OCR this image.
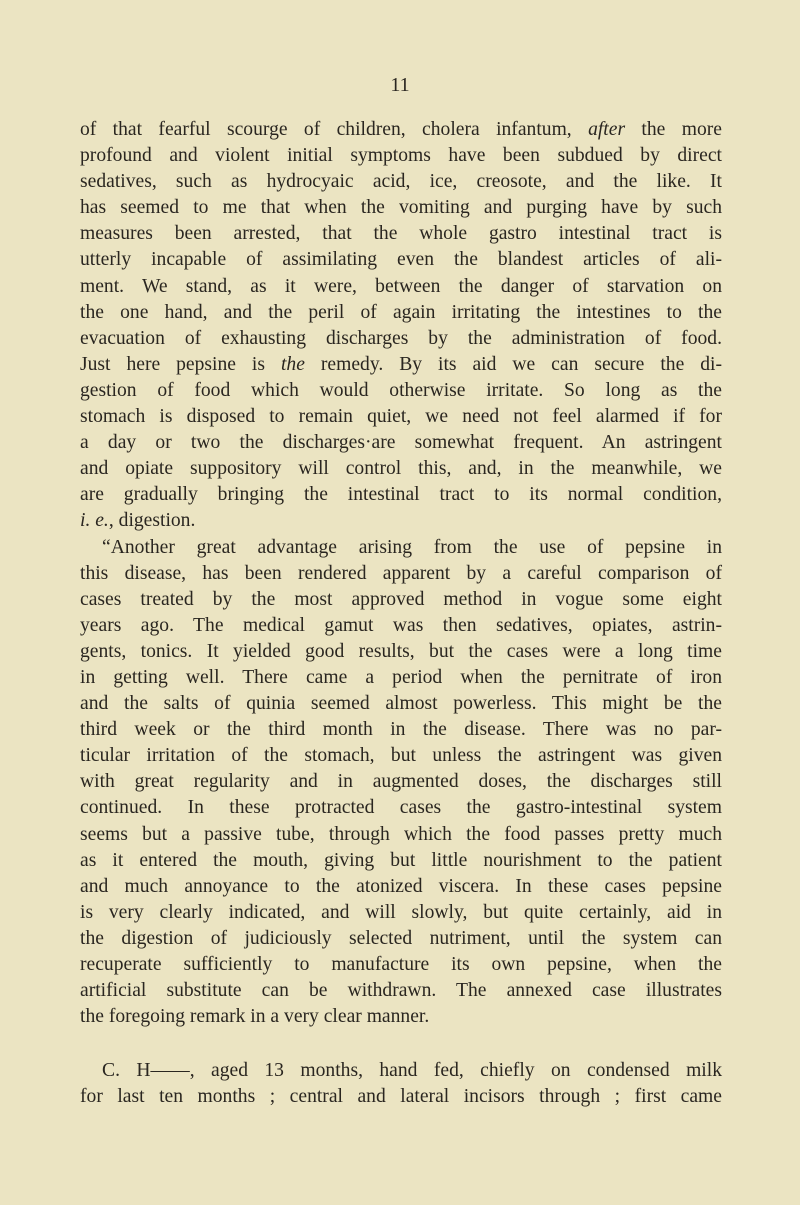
11
of that fearful scourge of children, cholera infantum, after the more
profound and violent initial symptoms have been subdued by direct
sedatives, such as hydrocyaic acid, ice, creosote, and the like. It
has seemed to me that when the vomiting and purging have by such
measures been arrested, that the whole gastro intestinal tract is
utterly incapable of assimilating even the blandest articles of ali-
ment. We stand, as it were, between the danger of starvation on
the one hand, and the peril of again irritating the intestines to the
evacuation of exhausting discharges by the administration of food.
Just here pepsine is the remedy. By its aid we can secure the di-
gestion of food which would otherwise irritate. So long as the
stomach is disposed to remain quiet, we need not feel alarmed if for
a day or two the discharges·are somewhat frequent. An astringent
and opiate suppository will control this, and, in the meanwhile, we
are gradually bringing the intestinal tract to its normal condition,
i. e., digestion.
“Another great advantage arising from the use of pepsine in
this disease, has been rendered apparent by a careful comparison of
cases treated by the most approved method in vogue some eight
years ago. The medical gamut was then sedatives, opiates, astrin-
gents, tonics. It yielded good results, but the cases were a long time
in getting well. There came a period when the pernitrate of iron
and the salts of quinia seemed almost powerless. This might be the
third week or the third month in the disease. There was no par-
ticular irritation of the stomach, but unless the astringent was given
with great regularity and in augmented doses, the discharges still
continued. In these protracted cases the gastro-intestinal system
seems but a passive tube, through which the food passes pretty much
as it entered the mouth, giving but little nourishment to the patient
and much annoyance to the atonized viscera. In these cases pepsine
is very clearly indicated, and will slowly, but quite certainly, aid in
the digestion of judiciously selected nutriment, until the system can
recuperate sufficiently to manufacture its own pepsine, when the
artificial substitute can be withdrawn. The annexed case illustrates
the foregoing remark in a very clear manner.
C. H——, aged 13 months, hand fed, chiefly on condensed milk
for last ten months ; central and lateral incisors through ; first came
